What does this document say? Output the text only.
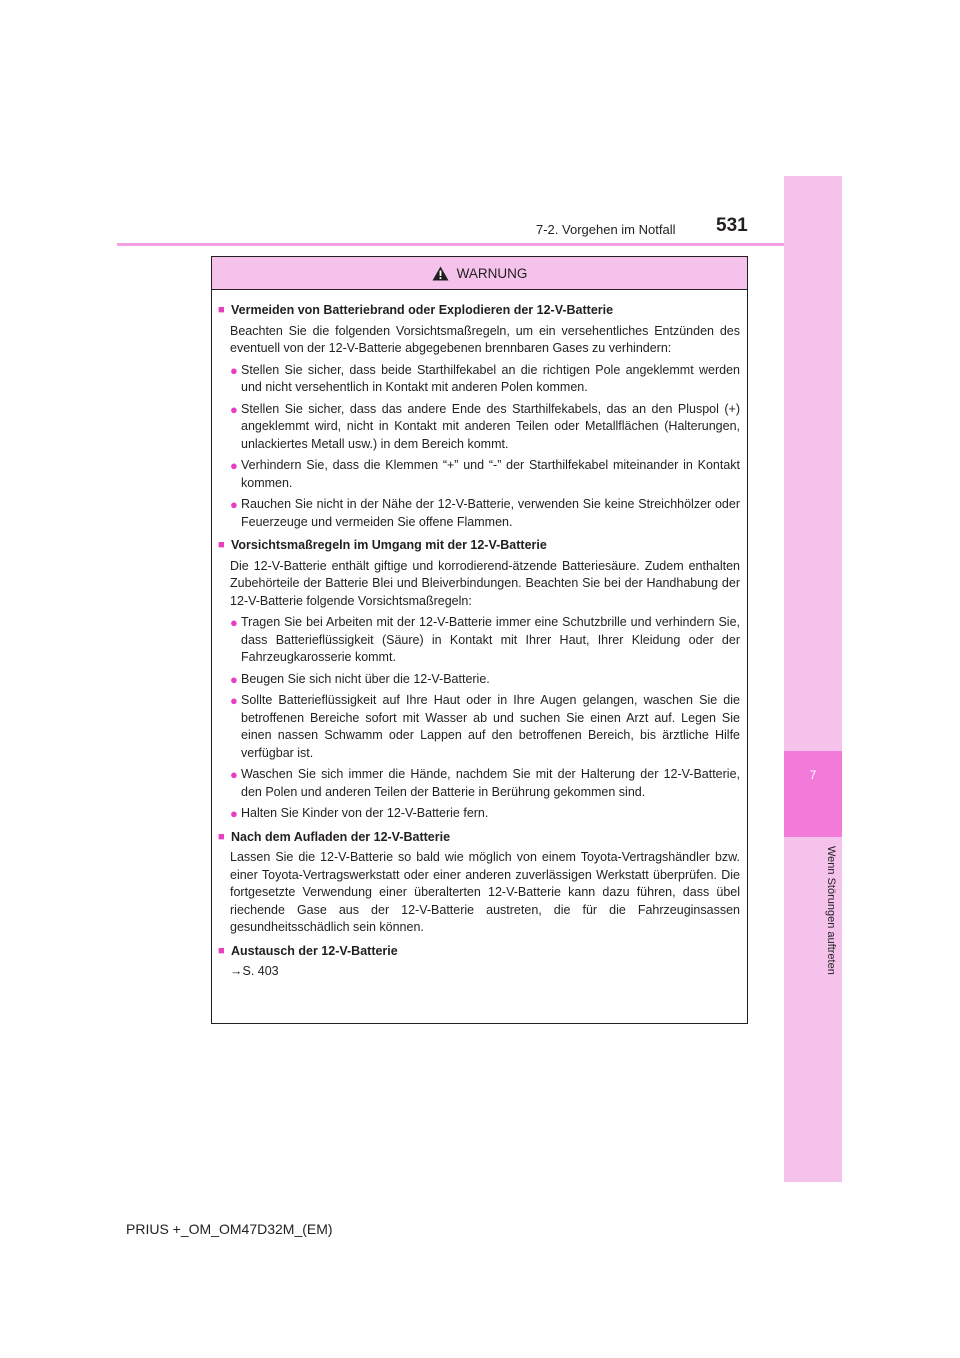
7
Wenn Störungen auftreten
7-2. Vorgehen im Notfall 531
WARNUNG
■ Vermeiden von Batteriebrand oder Explodieren der 12-V-Batterie
Beachten Sie die folgenden Vorsichtsmaßregeln, um ein versehentliches Entzünden des eventuell von der 12-V-Batterie abgegebenen brennbaren Gases zu verhindern:
● Stellen Sie sicher, dass beide Starthilfekabel an die richtigen Pole angeklemmt werden und nicht versehentlich in Kontakt mit anderen Polen kommen.
● Stellen Sie sicher, dass das andere Ende des Starthilfekabels, das an den Pluspol (+) angeklemmt wird, nicht in Kontakt mit anderen Teilen oder Metallflächen (Halterungen, unlackiertes Metall usw.) in dem Bereich kommt.
● Verhindern Sie, dass die Klemmen “+” und “-” der Starthilfekabel miteinander in Kontakt kommen.
● Rauchen Sie nicht in der Nähe der 12-V-Batterie, verwenden Sie keine Streichhölzer oder Feuerzeuge und vermeiden Sie offene Flammen.
■ Vorsichtsmaßregeln im Umgang mit der 12-V-Batterie
Die 12-V-Batterie enthält giftige und korrodierend-ätzende Batteriesäure. Zudem enthalten Zubehörteile der Batterie Blei und Bleiverbindungen. Beachten Sie bei der Handhabung der 12-V-Batterie folgende Vorsichtsmaßregeln:
● Tragen Sie bei Arbeiten mit der 12-V-Batterie immer eine Schutzbrille und verhindern Sie, dass Batterieflüssigkeit (Säure) in Kontakt mit Ihrer Haut, Ihrer Kleidung oder der Fahrzeugkarosserie kommt.
● Beugen Sie sich nicht über die 12-V-Batterie.
● Sollte Batterieflüssigkeit auf Ihre Haut oder in Ihre Augen gelangen, waschen Sie die betroffenen Bereiche sofort mit Wasser ab und suchen Sie einen Arzt auf. Legen Sie einen nassen Schwamm oder Lappen auf den betroffenen Bereich, bis ärztliche Hilfe verfügbar ist.
● Waschen Sie sich immer die Hände, nachdem Sie mit der Halterung der 12-V-Batterie, den Polen und anderen Teilen der Batterie in Berührung gekommen sind.
● Halten Sie Kinder von der 12-V-Batterie fern.
■ Nach dem Aufladen der 12-V-Batterie
Lassen Sie die 12-V-Batterie so bald wie möglich von einem Toyota-Vertragshändler bzw. einer Toyota-Vertragswerkstatt oder einer anderen zuverlässigen Werkstatt überprüfen. Die fortgesetzte Verwendung einer überalterten 12-V-Batterie kann dazu führen, dass übel riechende Gase aus der 12-V-Batterie austreten, die für die Fahrzeuginsassen gesundheitsschädlich sein können.
■ Austausch der 12-V-Batterie
→S. 403
PRIUS +_OM_OM47D32M_(EM)
